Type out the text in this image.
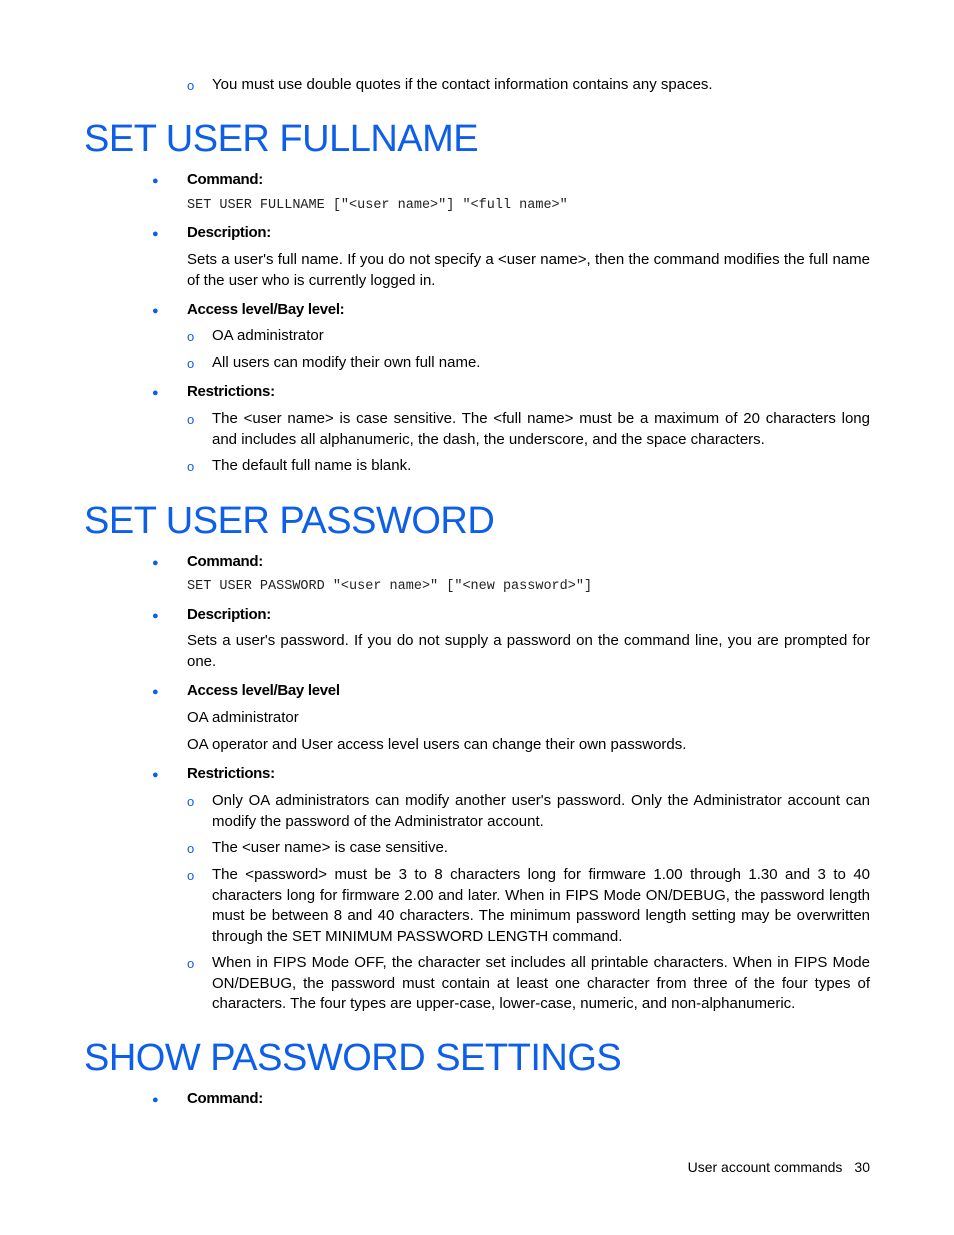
o You must use double quotes if the contact information contains any spaces.
SET USER FULLNAME
● Command:
SET USER FULLNAME ["<user name>"] "<full name>"
● Description:
Sets a user's full name. If you do not specify a <user name>, then the command modifies the full name of the user who is currently logged in.
● Access level/Bay level:
o OA administrator
o All users can modify their own full name.
● Restrictions:
o The <user name> is case sensitive. The <full name> must be a maximum of 20 characters long and includes all alphanumeric, the dash, the underscore, and the space characters.
o The default full name is blank.
SET USER PASSWORD
● Command:
SET USER PASSWORD "<user name>" ["<new password>"]
● Description:
Sets a user's password. If you do not supply a password on the command line, you are prompted for one.
● Access level/Bay level
OA administrator
OA operator and User access level users can change their own passwords.
● Restrictions:
o Only OA administrators can modify another user's password. Only the Administrator account can modify the password of the Administrator account.
o The <user name> is case sensitive.
o The <password> must be 3 to 8 characters long for firmware 1.00 through 1.30 and 3 to 40 characters long for firmware 2.00 and later. When in FIPS Mode ON/DEBUG, the password length must be between 8 and 40 characters. The minimum password length setting may be overwritten through the SET MINIMUM PASSWORD LENGTH command.
o When in FIPS Mode OFF, the character set includes all printable characters. When in FIPS Mode ON/DEBUG, the password must contain at least one character from three of the four types of characters. The four types are upper-case, lower-case, numeric, and non-alphanumeric.
SHOW PASSWORD SETTINGS
● Command:
User account commands 30
